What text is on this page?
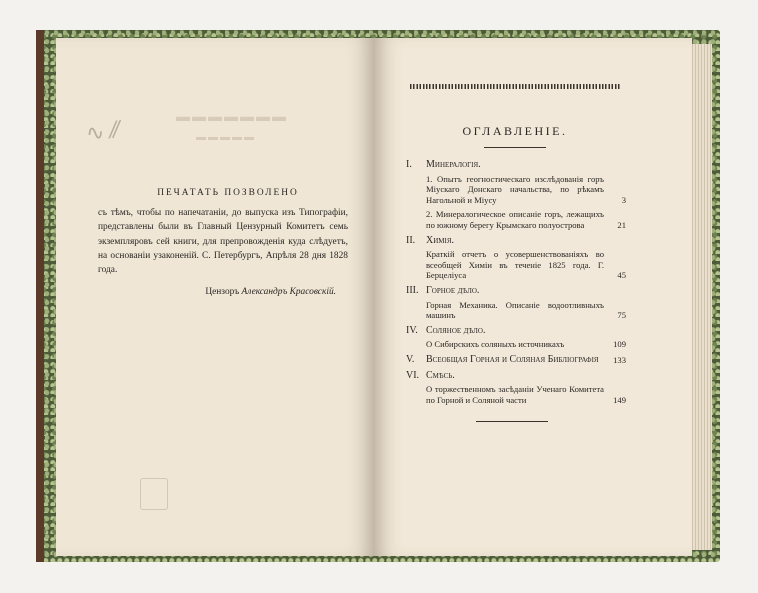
▬▬▬▬▬▬▬
▬▬▬▬▬
∿ ⁄⁄
ПЕЧАТАТЬ ПОЗВОЛЕНО
съ тѣмъ, чтобы по напечатаніи, до выпуска изъ Типографіи, представлены были въ Главный Цензурный Комитетъ семь экземпляровъ сей книги, для препровожденія куда слѣдуетъ, на основаніи узаконеній. С. Петербургъ, Апрѣля 28 дня 1828 года.
Цензоръ Александръ Красовскій.
ОГЛАВЛЕНІЕ.
I. Минералогія.
1. Опытъ геогностическаго изслѣдованія горъ Міускаго Донскаго начальства, по рѣкамъ Нагольной и Міусу	3
2. Минералогическое описаніе горъ, лежащихъ по южному берегу Крымскаго полуострова	21
II. Химія.
Краткій отчетъ о усовершенствованіяхъ во всеобщей Химіи въ теченіе 1825 года. Г. Берцеліуса	45
III. Горное дѣло.
Горная Механика. Описаніе водоотливныхъ машинъ	75
IV. Соляное дѣло.
О Сибирскихъ соляныхъ источникахъ	109
V.	Всеобщая Горная и Соляная Библіографія	133
VI. Смѣсь.
О торжественномъ засѣданіи Ученаго Комитета по Горной и Соляной части	149
